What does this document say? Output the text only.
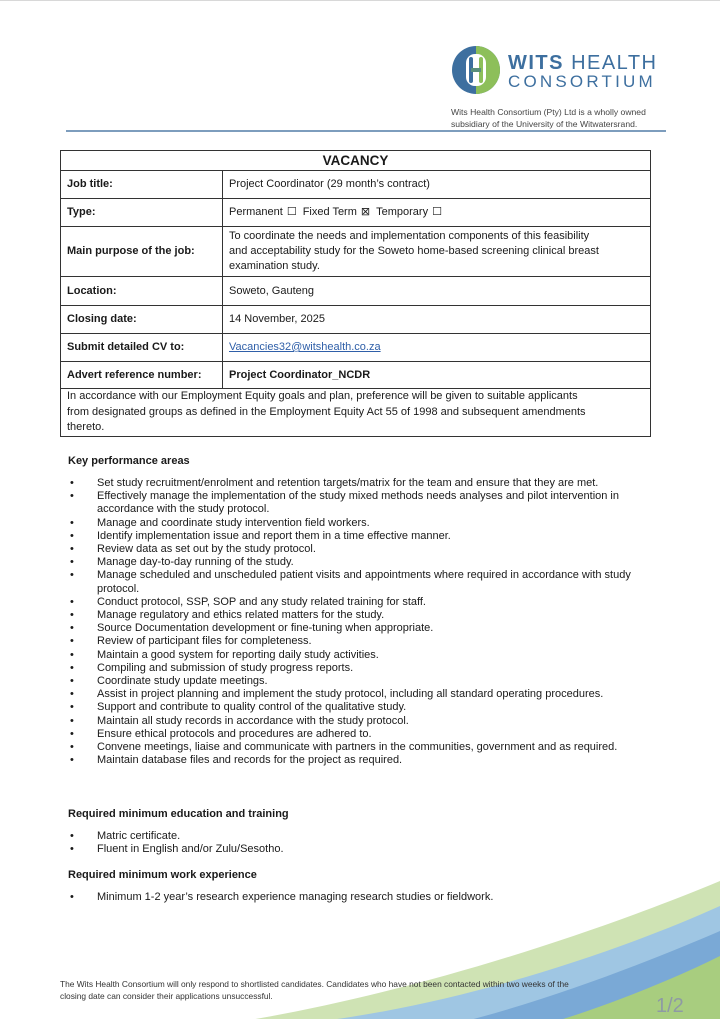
WITS HEALTH
CONSORTIUM
Wits Health Consortium (Pty) Ltd is a wholly owned
subsidiary of the University of the Witwatersrand.
VACANCY	
Job title:	Project Coordinator (29 month’s contract)
Type:	Permanent ☐ Fixed Term ⊠ Temporary ☐
Main purpose of the job:	To coordinate the needs and implementation components of this feasibility
and acceptability study for the Soweto home-based screening clinical breast
examination study.

Location:	Soweto, Gauteng
Closing date:	14 November, 2025
Submit detailed CV to:	Vacancies32@witshealth.co.za
Advert reference number:	Project Coordinator_NCDR

In accordance with our Employment Equity goals and plan, preference will be given to suitable applicants
from designated groups as defined in the Employment Equity Act 55 of 1998 and subsequent amendments
thereto.	
Key performance areas
• Set study recruitment/enrolment and retention targets/matrix for the team and ensure that they are met.
• Effectively manage the implementation of the study mixed methods needs analyses and pilot intervention in accordance with the study protocol.
• Manage and coordinate study intervention field workers.
• Identify implementation issue and report them in a time effective manner.
• Review data as set out by the study protocol.
• Manage day-to-day running of the study.
• Manage scheduled and unscheduled patient visits and appointments where required in accordance with study protocol.
• Conduct protocol, SSP, SOP and any study related training for staff.
• Manage regulatory and ethics related matters for the study.
• Source Documentation development or fine-tuning when appropriate.
• Review of participant files for completeness.
• Maintain a good system for reporting daily study activities.
• Compiling and submission of study progress reports.
• Coordinate study update meetings.
• Assist in project planning and implement the study protocol, including all standard operating procedures.
• Support and contribute to quality control of the qualitative study.
• Maintain all study records in accordance with the study protocol.
• Ensure ethical protocols and procedures are adhered to.
• Convene meetings, liaise and communicate with partners in the communities, government and as required.
• Maintain database files and records for the project as required.
Required minimum education and training
• Matric certificate.
• Fluent in English and/or Zulu/Sesotho.
Required minimum work experience
• Minimum 1-2 year’s research experience managing research studies or fieldwork.
The Wits Health Consortium will only respond to shortlisted candidates. Candidates who have not been contacted within two weeks of the
closing date can consider their applications unsuccessful.	1/2
